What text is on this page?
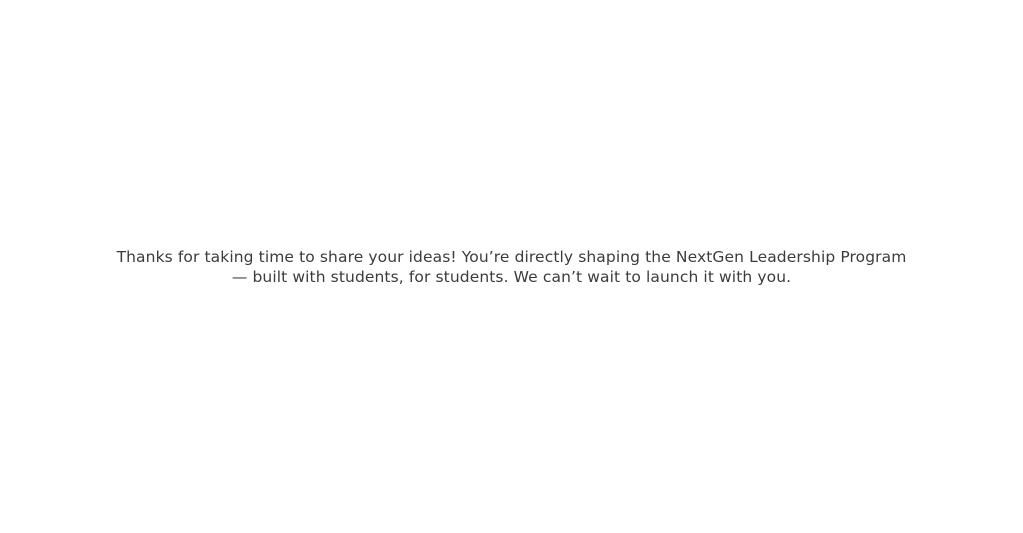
Thanks for taking time to share your ideas! You’re directly shaping the NextGen Leadership Program — built with students, for students. We can’t wait to launch it with you.
